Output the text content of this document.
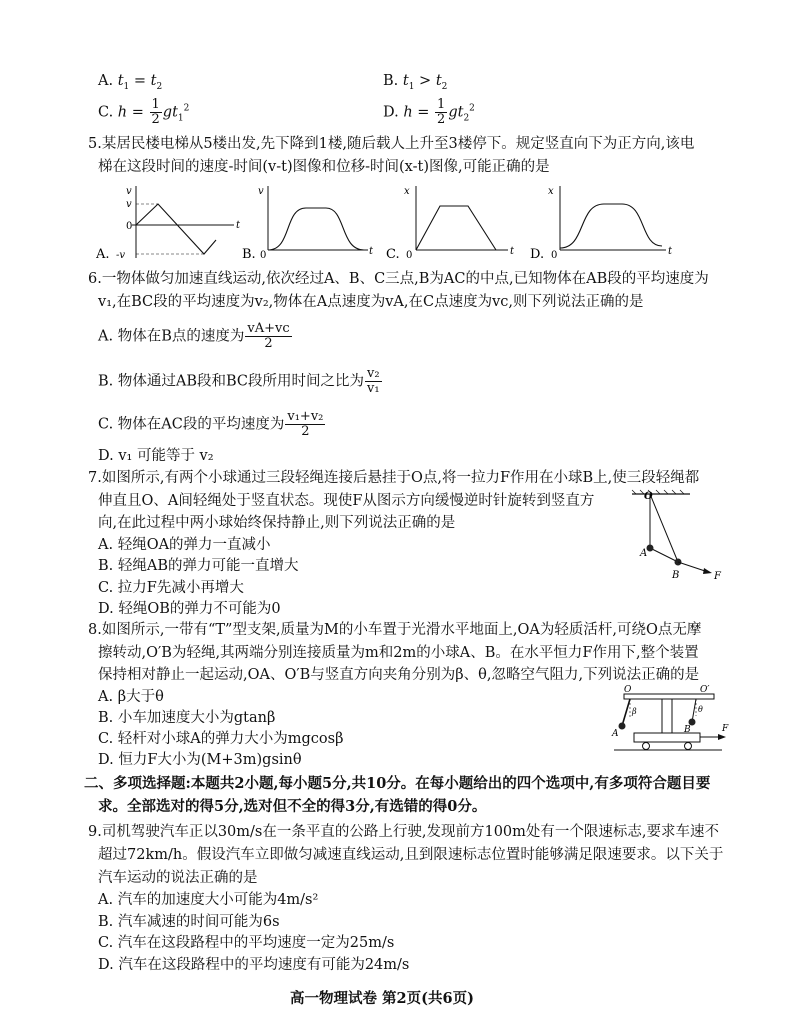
A. $t_1 = t_2$	B. $t_1 > t_2$
C. $h = \frac{1}{2} gt_1^2$	D. $h = \frac{1}{2} gt_2^2$
5.某居民楼电梯从5楼出发,先下降到1楼,随后载人上升至3楼停下。规定竖直向下为正方向,该电
梯在这段时间的速度-时间(v-t)图像和位移-时间(x-t)图像,可能正确的是
v
v
0	t
-v
A.
v
0	t
B.
x
0	t
C.
x
0	t
D.
6.一物体做匀加速直线运动,依次经过A、B、C三点,B为AC的中点,已知物体在AB段的平均速度为
v₁,在BC段的平均速度为v₂,物体在A点速度为vA,在C点速度为vc,则下列说法正确的是
A. 物体在B点的速度为 $\frac{vA+vc}{2}$
B. 物体通过AB段和BC段所用时间之比为 $\frac{\text{v₂}}{\text{v₁}}$
C. 物体在AC段的平均速度为 $\frac{\text{v₁+v₂}}{2}$
D. v₁ 可能等于 v₂
7.如图所示,有两个小球通过三段轻绳连接后悬挂于O点,将一拉力F作用在小球B上,使三段轻绳都
伸直且O、A间轻绳处于竖直状态。现使F从图示方向缓慢逆时针旋转到竖直方
向,在此过程中两小球始终保持静止,则下列说法正确的是
A. 轻绳OA的弹力一直减小
B. 轻绳AB的弹力可能一直增大
C. 拉力F先减小再增大
D. 轻绳OB的弹力不可能为0
O
A
B	F
8.如图所示,一带有“T”型支架,质量为M的小车置于光滑水平地面上,OA为轻质活杆,可绕O点无摩
擦转动,O′B为轻绳,其两端分别连接质量为m和2m的小球A、B。在水平恒力F作用下,整个装置
保持相对静止一起运动,OA、O′B与竖直方向夹角分别为β、θ,忽略空气阻力,下列说法正确的是
A. β大于θ
B. 小车加速度大小为gtanβ
C. 轻杆对小球A的弹力大小为mgcosβ
D. 恒力F大小为(M+3m)gsinθ
O	O′
β	θ
A	B	F
二、多项选择题:本题共2小题,每小题5分,共10分。在每小题给出的四个选项中,有多项符合题目要
求。全部选对的得5分,选对但不全的得3分,有选错的得0分。
9.司机驾驶汽车正以30m/s在一条平直的公路上行驶,发现前方100m处有一个限速标志,要求车速不
超过72km/h。假设汽车立即做匀减速直线运动,且到限速标志位置时能够满足限速要求。以下关于
汽车运动的说法正确的是
A. 汽车的加速度大小可能为4m/s²
B. 汽车减速的时间可能为6s
C. 汽车在这段路程中的平均速度一定为25m/s
D. 汽车在这段路程中的平均速度有可能为24m/s
高一物理试卷 第2页(共6页)
